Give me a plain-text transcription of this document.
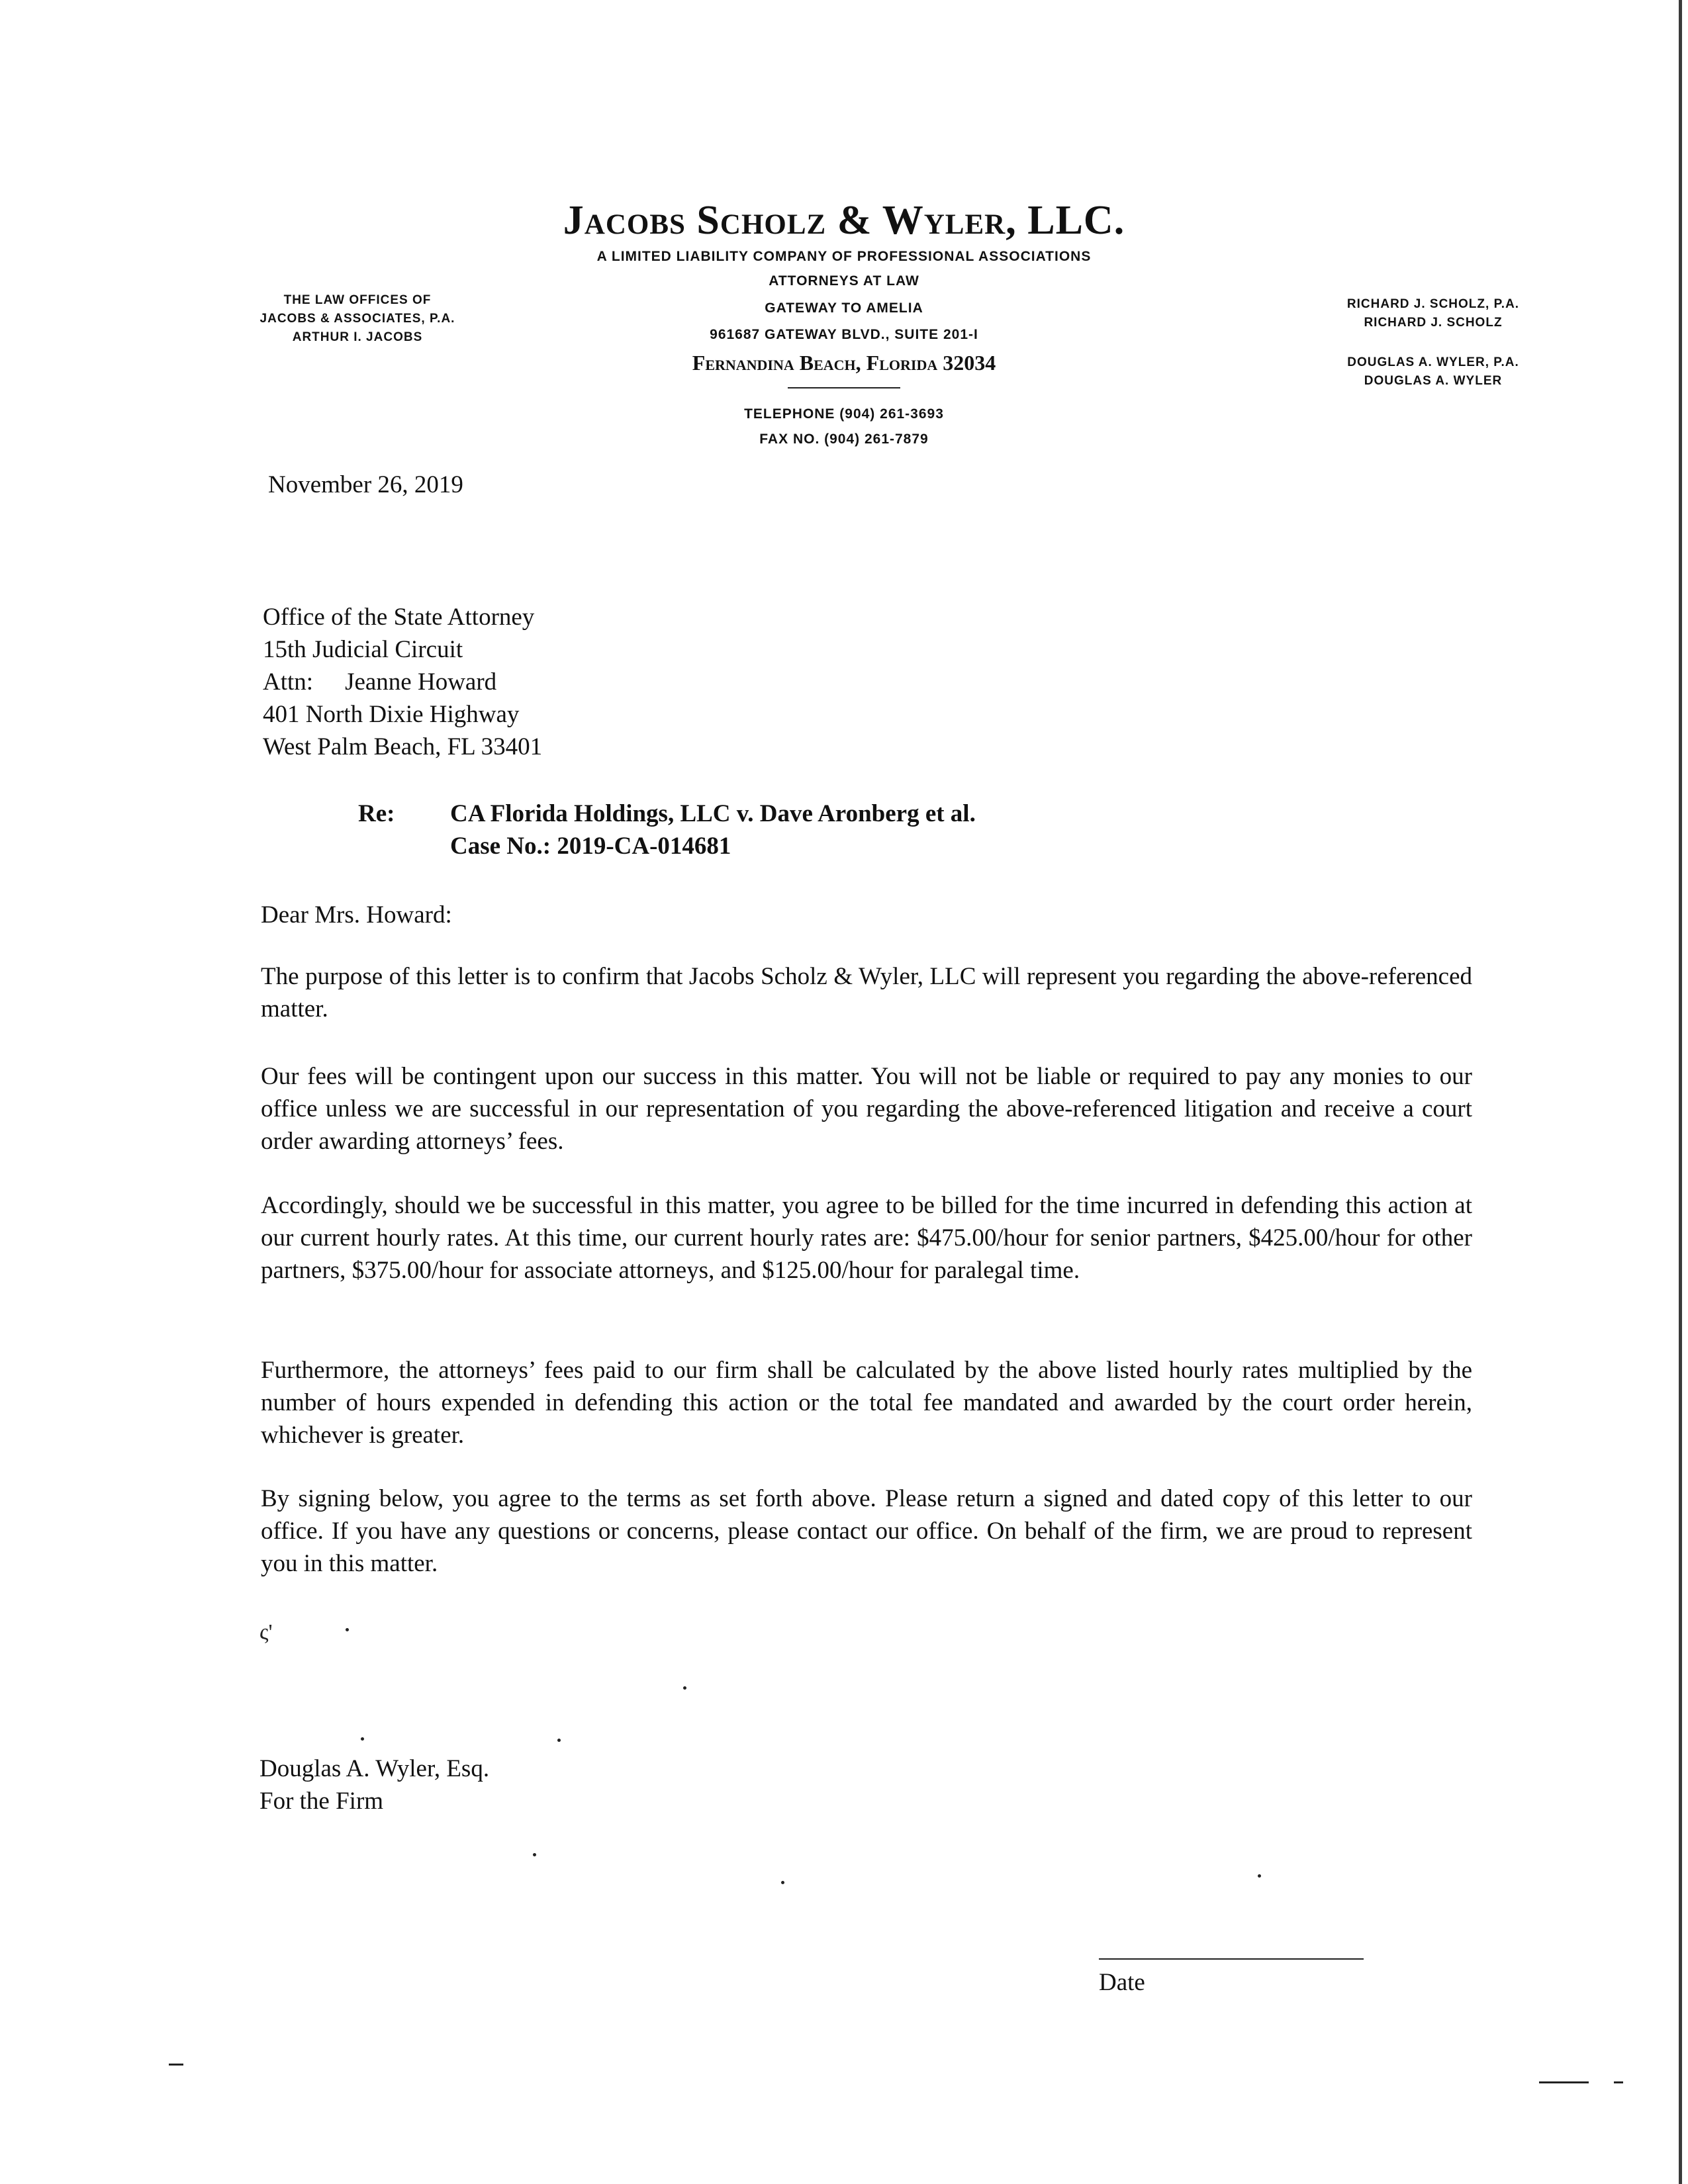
Jacobs Scholz & Wyler, LLC.
A LIMITED LIABILITY COMPANY OF PROFESSIONAL ASSOCIATIONS
ATTORNEYS AT LAW
GATEWAY TO AMELIA
961687 GATEWAY BLVD., SUITE 201-I
Fernandina Beach, Florida 32034
TELEPHONE (904) 261-3693
FAX NO. (904) 261-7879
THE LAW OFFICES OF
JACOBS & ASSOCIATES, P.A.
ARTHUR I. JACOBS
RICHARD J. SCHOLZ, P.A.
RICHARD J. SCHOLZ
DOUGLAS A. WYLER, P.A.
DOUGLAS A. WYLER
November 26, 2019
Office of the State Attorney
15th Judicial Circuit
Attn: Jeanne Howard
401 North Dixie Highway
West Palm Beach, FL 33401
Re: CA Florida Holdings, LLC v. Dave Aronberg et al.
Case No.: 2019-CA-014681
Dear Mrs. Howard:
The purpose of this letter is to confirm that Jacobs Scholz & Wyler, LLC will represent you regarding the above-referenced matter.
Our fees will be contingent upon our success in this matter. You will not be liable or required to pay any monies to our office unless we are successful in our representation of you regarding the above-referenced litigation and receive a court order awarding attorneys’ fees.
Accordingly, should we be successful in this matter, you agree to be billed for the time incurred in defending this action at our current hourly rates. At this time, our current hourly rates are: $475.00/hour for senior partners, $425.00/hour for other partners, $375.00/hour for associate attorneys, and $125.00/hour for paralegal time.
Furthermore, the attorneys’ fees paid to our firm shall be calculated by the above listed hourly rates multiplied by the number of hours expended in defending this action or the total fee mandated and awarded by the court order herein, whichever is greater.
By signing below, you agree to the terms as set forth above. Please return a signed and dated copy of this letter to our office. If you have any questions or concerns, please contact our office. On behalf of the firm, we are proud to represent you in this matter.
ς'
Douglas A. Wyler, Esq.
For the Firm
Date
